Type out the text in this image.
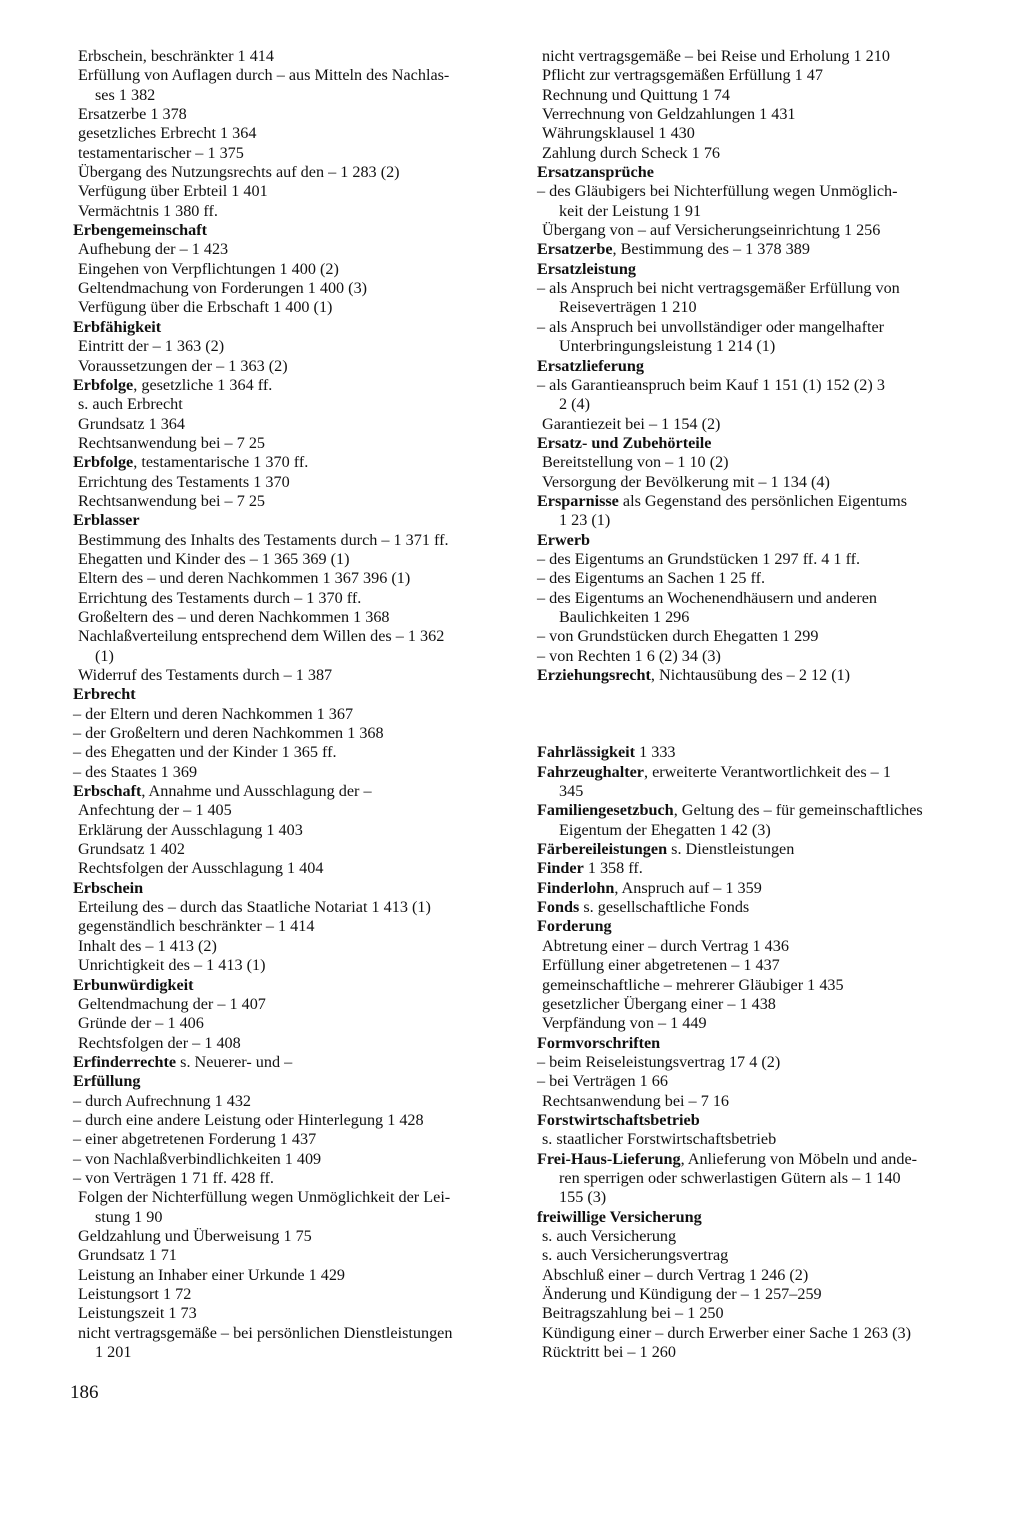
Erbschein, beschränkter 1 414
Erfüllung von Auflagen durch – aus Mitteln des Nachlas-
ses 1 382
Ersatzerbe 1 378
gesetzliches Erbrecht 1 364
testamentarischer – 1 375
Übergang des Nutzungsrechts auf den – 1 283 (2)
Verfügung über Erbteil 1 401
Vermächtnis 1 380 ff.
Erbengemeinschaft
Aufhebung der – 1 423
Eingehen von Verpflichtungen 1 400 (2)
Geltendmachung von Forderungen 1 400 (3)
Verfügung über die Erbschaft 1 400 (1)
Erbfähigkeit
Eintritt der – 1 363 (2)
Voraussetzungen der – 1 363 (2)
Erbfolge, gesetzliche 1 364 ff.
s. auch Erbrecht
Grundsatz 1 364
Rechtsanwendung bei – 7 25
Erbfolge, testamentarische 1 370 ff.
Errichtung des Testaments 1 370
Rechtsanwendung bei – 7 25
Erblasser
Bestimmung des Inhalts des Testaments durch – 1 371 ff.
Ehegatten und Kinder des – 1 365 369 (1)
Eltern des – und deren Nachkommen 1 367 396 (1)
Errichtung des Testaments durch – 1 370 ff.
Großeltern des – und deren Nachkommen 1 368
Nachlaßverteilung entsprechend dem Willen des – 1 362
(1)
Widerruf des Testaments durch – 1 387
Erbrecht
– der Eltern und deren Nachkommen 1 367
– der Großeltern und deren Nachkommen 1 368
– des Ehegatten und der Kinder 1 365 ff.
– des Staates 1 369
Erbschaft, Annahme und Ausschlagung der –
Anfechtung der – 1 405
Erklärung der Ausschlagung 1 403
Grundsatz 1 402
Rechtsfolgen der Ausschlagung 1 404
Erbschein
Erteilung des – durch das Staatliche Notariat 1 413 (1)
gegenständlich beschränkter – 1 414
Inhalt des – 1 413 (2)
Unrichtigkeit des – 1 413 (1)
Erbunwürdigkeit
Geltendmachung der – 1 407
Gründe der – 1 406
Rechtsfolgen der – 1 408
Erfinderrechte s. Neuerer- und –
Erfüllung
– durch Aufrechnung 1 432
– durch eine andere Leistung oder Hinterlegung 1 428
– einer abgetretenen Forderung 1 437
– von Nachlaßverbindlichkeiten 1 409
– von Verträgen 1 71 ff. 428 ff.
Folgen der Nichterfüllung wegen Unmöglichkeit der Lei-
stung 1 90
Geldzahlung und Überweisung 1 75
Grundsatz 1 71
Leistung an Inhaber einer Urkunde 1 429
Leistungsort 1 72
Leistungszeit 1 73
nicht vertragsgemäße – bei persönlichen Dienstleistungen
1 201
nicht vertragsgemäße – bei Reise und Erholung 1 210
Pflicht zur vertragsgemäßen Erfüllung 1 47
Rechnung und Quittung 1 74
Verrechnung von Geldzahlungen 1 431
Währungsklausel 1 430
Zahlung durch Scheck 1 76
Ersatzansprüche
– des Gläubigers bei Nichterfüllung wegen Unmöglich-
keit der Leistung 1 91
Übergang von – auf Versicherungseinrichtung 1 256
Ersatzerbe, Bestimmung des – 1 378 389
Ersatzleistung
– als Anspruch bei nicht vertragsgemäßer Erfüllung von
Reiseverträgen 1 210
– als Anspruch bei unvollständiger oder mangelhafter
Unterbringungsleistung 1 214 (1)
Ersatzlieferung
– als Garantieanspruch beim Kauf 1 151 (1) 152 (2) 3
2 (4)
Garantiezeit bei – 1 154 (2)
Ersatz- und Zubehörteile
Bereitstellung von – 1 10 (2)
Versorgung der Bevölkerung mit – 1 134 (4)
Ersparnisse als Gegenstand des persönlichen Eigentums
1 23 (1)
Erwerb
– des Eigentums an Grundstücken 1 297 ff. 4 1 ff.
– des Eigentums an Sachen 1 25 ff.
– des Eigentums an Wochenendhäusern und anderen
Baulichkeiten 1 296
– von Grundstücken durch Ehegatten 1 299
– von Rechten 1 6 (2) 34 (3)
Erziehungsrecht, Nichtausübung des – 2 12 (1)
Fahrlässigkeit 1 333
Fahrzeughalter, erweiterte Verantwortlichkeit des – 1
345
Familiengesetzbuch, Geltung des – für gemeinschaftliches
Eigentum der Ehegatten 1 42 (3)
Färbereileistungen s. Dienstleistungen
Finder 1 358 ff.
Finderlohn, Anspruch auf – 1 359
Fonds s. gesellschaftliche Fonds
Forderung
Abtretung einer – durch Vertrag 1 436
Erfüllung einer abgetretenen – 1 437
gemeinschaftliche – mehrerer Gläubiger 1 435
gesetzlicher Übergang einer – 1 438
Verpfändung von – 1 449
Formvorschriften
– beim Reiseleistungsvertrag 17 4 (2)
– bei Verträgen 1 66
Rechtsanwendung bei – 7 16
Forstwirtschaftsbetrieb
s. staatlicher Forstwirtschaftsbetrieb
Frei-Haus-Lieferung, Anlieferung von Möbeln und ande-
ren sperrigen oder schwerlastigen Gütern als – 1 140
155 (3)
freiwillige Versicherung
s. auch Versicherung
s. auch Versicherungsvertrag
Abschluß einer – durch Vertrag 1 246 (2)
Änderung und Kündigung der – 1 257–259
Beitragszahlung bei – 1 250
Kündigung einer – durch Erwerber einer Sache 1 263 (3)
Rücktritt bei – 1 260
186
